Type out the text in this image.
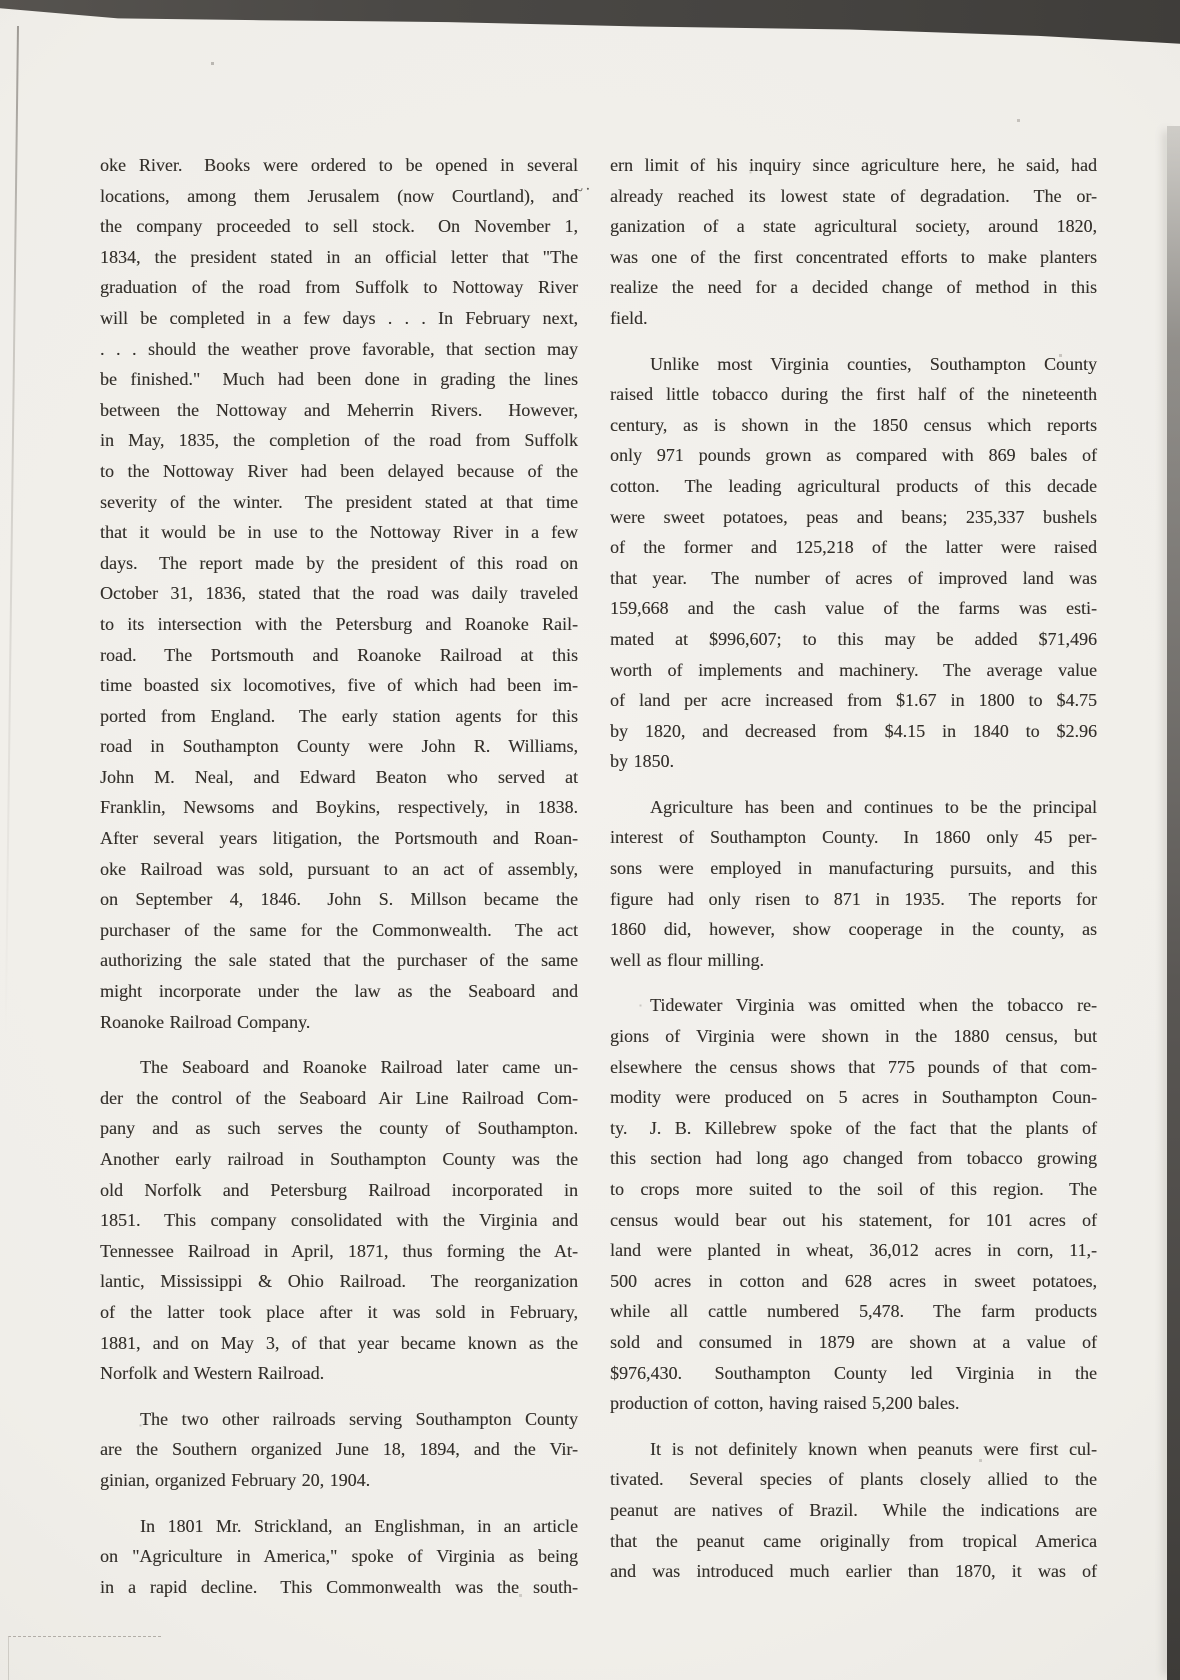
~·
oke River.  Books were ordered to be opened in several
locations, among them Jerusalem (now Courtland), and
the company proceeded to sell stock.  On November 1,
1834, the president stated in an official letter that "The
graduation of the road from Suffolk to Nottoway River
will be completed in a few days . . . In February next,
. . . should the weather prove favorable, that section may
be finished."  Much had been done in grading the lines
between the Nottoway and Meherrin Rivers.  However,
in May, 1835, the completion of the road from Suffolk
to the Nottoway River had been delayed because of the
severity of the winter.  The president stated at that time
that it would be in use to the Nottoway River in a few
days.  The report made by the president of this road on
October 31, 1836, stated that the road was daily traveled
to its intersection with the Petersburg and Roanoke Rail-
road.  The Portsmouth and Roanoke Railroad at this
time boasted six locomotives, five of which had been im-
ported from England.  The early station agents for this
road in Southampton County were John R. Williams,
John M. Neal, and Edward Beaton who served at
Franklin, Newsoms and Boykins, respectively, in 1838.
After several years litigation, the Portsmouth and Roan-
oke Railroad was sold, pursuant to an act of assembly,
on September 4, 1846.  John S. Millson became the
purchaser of the same for the Commonwealth.  The act
authorizing the sale stated that the purchaser of the same
might incorporate under the law as the Seaboard and
Roanoke Railroad Company.
The Seaboard and Roanoke Railroad later came un-
der the control of the Seaboard Air Line Railroad Com-
pany and as such serves the county of Southampton.
Another early railroad in Southampton County was the
old Norfolk and Petersburg Railroad incorporated in
1851.  This company consolidated with the Virginia and
Tennessee Railroad in April, 1871, thus forming the At-
lantic, Mississippi & Ohio Railroad.  The reorganization
of the latter took place after it was sold in February,
1881, and on May 3, of that year became known as the
Norfolk and Western Railroad.
The two other railroads serving Southampton County
are the Southern organized June 18, 1894, and the Vir-
ginian, organized February 20, 1904.
In 1801 Mr. Strickland, an Englishman, in an article
on "Agriculture in America," spoke of Virginia as being
in a rapid decline.  This Commonwealth was the south-
ern limit of his inquiry since agriculture here, he said, had
already reached its lowest state of degradation.  The or-
ganization of a state agricultural society, around 1820,
was one of the first concentrated efforts to make planters
realize the need for a decided change of method in this
field.
Unlike most Virginia counties, Southampton County
raised little tobacco during the first half of the nineteenth
century, as is shown in the 1850 census which reports
only 971 pounds grown as compared with 869 bales of
cotton.  The leading agricultural products of this decade
were sweet potatoes, peas and beans; 235,337 bushels
of the former and 125,218 of the latter were raised
that year.  The number of acres of improved land was
159,668 and the cash value of the farms was esti-
mated at $996,607; to this may be added $71,496
worth of implements and machinery.  The average value
of land per acre increased from $1.67 in 1800 to $4.75
by 1820, and decreased from $4.15 in 1840 to $2.96
by 1850.
Agriculture has been and continues to be the principal
interest of Southampton County.  In 1860 only 45 per-
sons were employed in manufacturing pursuits, and this
figure had only risen to 871 in 1935.  The reports for
1860 did, however, show cooperage in the county, as
well as flour milling.
Tidewater Virginia was omitted when the tobacco re-
gions of Virginia were shown in the 1880 census, but
elsewhere the census shows that 775 pounds of that com-
modity were produced on 5 acres in Southampton Coun-
ty.  J. B. Killebrew spoke of the fact that the plants of
this section had long ago changed from tobacco growing
to crops more suited to the soil of this region.  The
census would bear out his statement, for 101 acres of
land were planted in wheat, 36,012 acres in corn, 11,-
500 acres in cotton and 628 acres in sweet potatoes,
while all cattle numbered 5,478.  The farm products
sold and consumed in 1879 are shown at a value of
$976,430.  Southampton County led Virginia in the
production of cotton, having raised 5,200 bales.
It is not definitely known when peanuts were first cul-
tivated.  Several species of plants closely allied to the
peanut are natives of Brazil.  While the indications are
that the peanut came originally from tropical America
and was introduced much earlier than 1870, it was of
